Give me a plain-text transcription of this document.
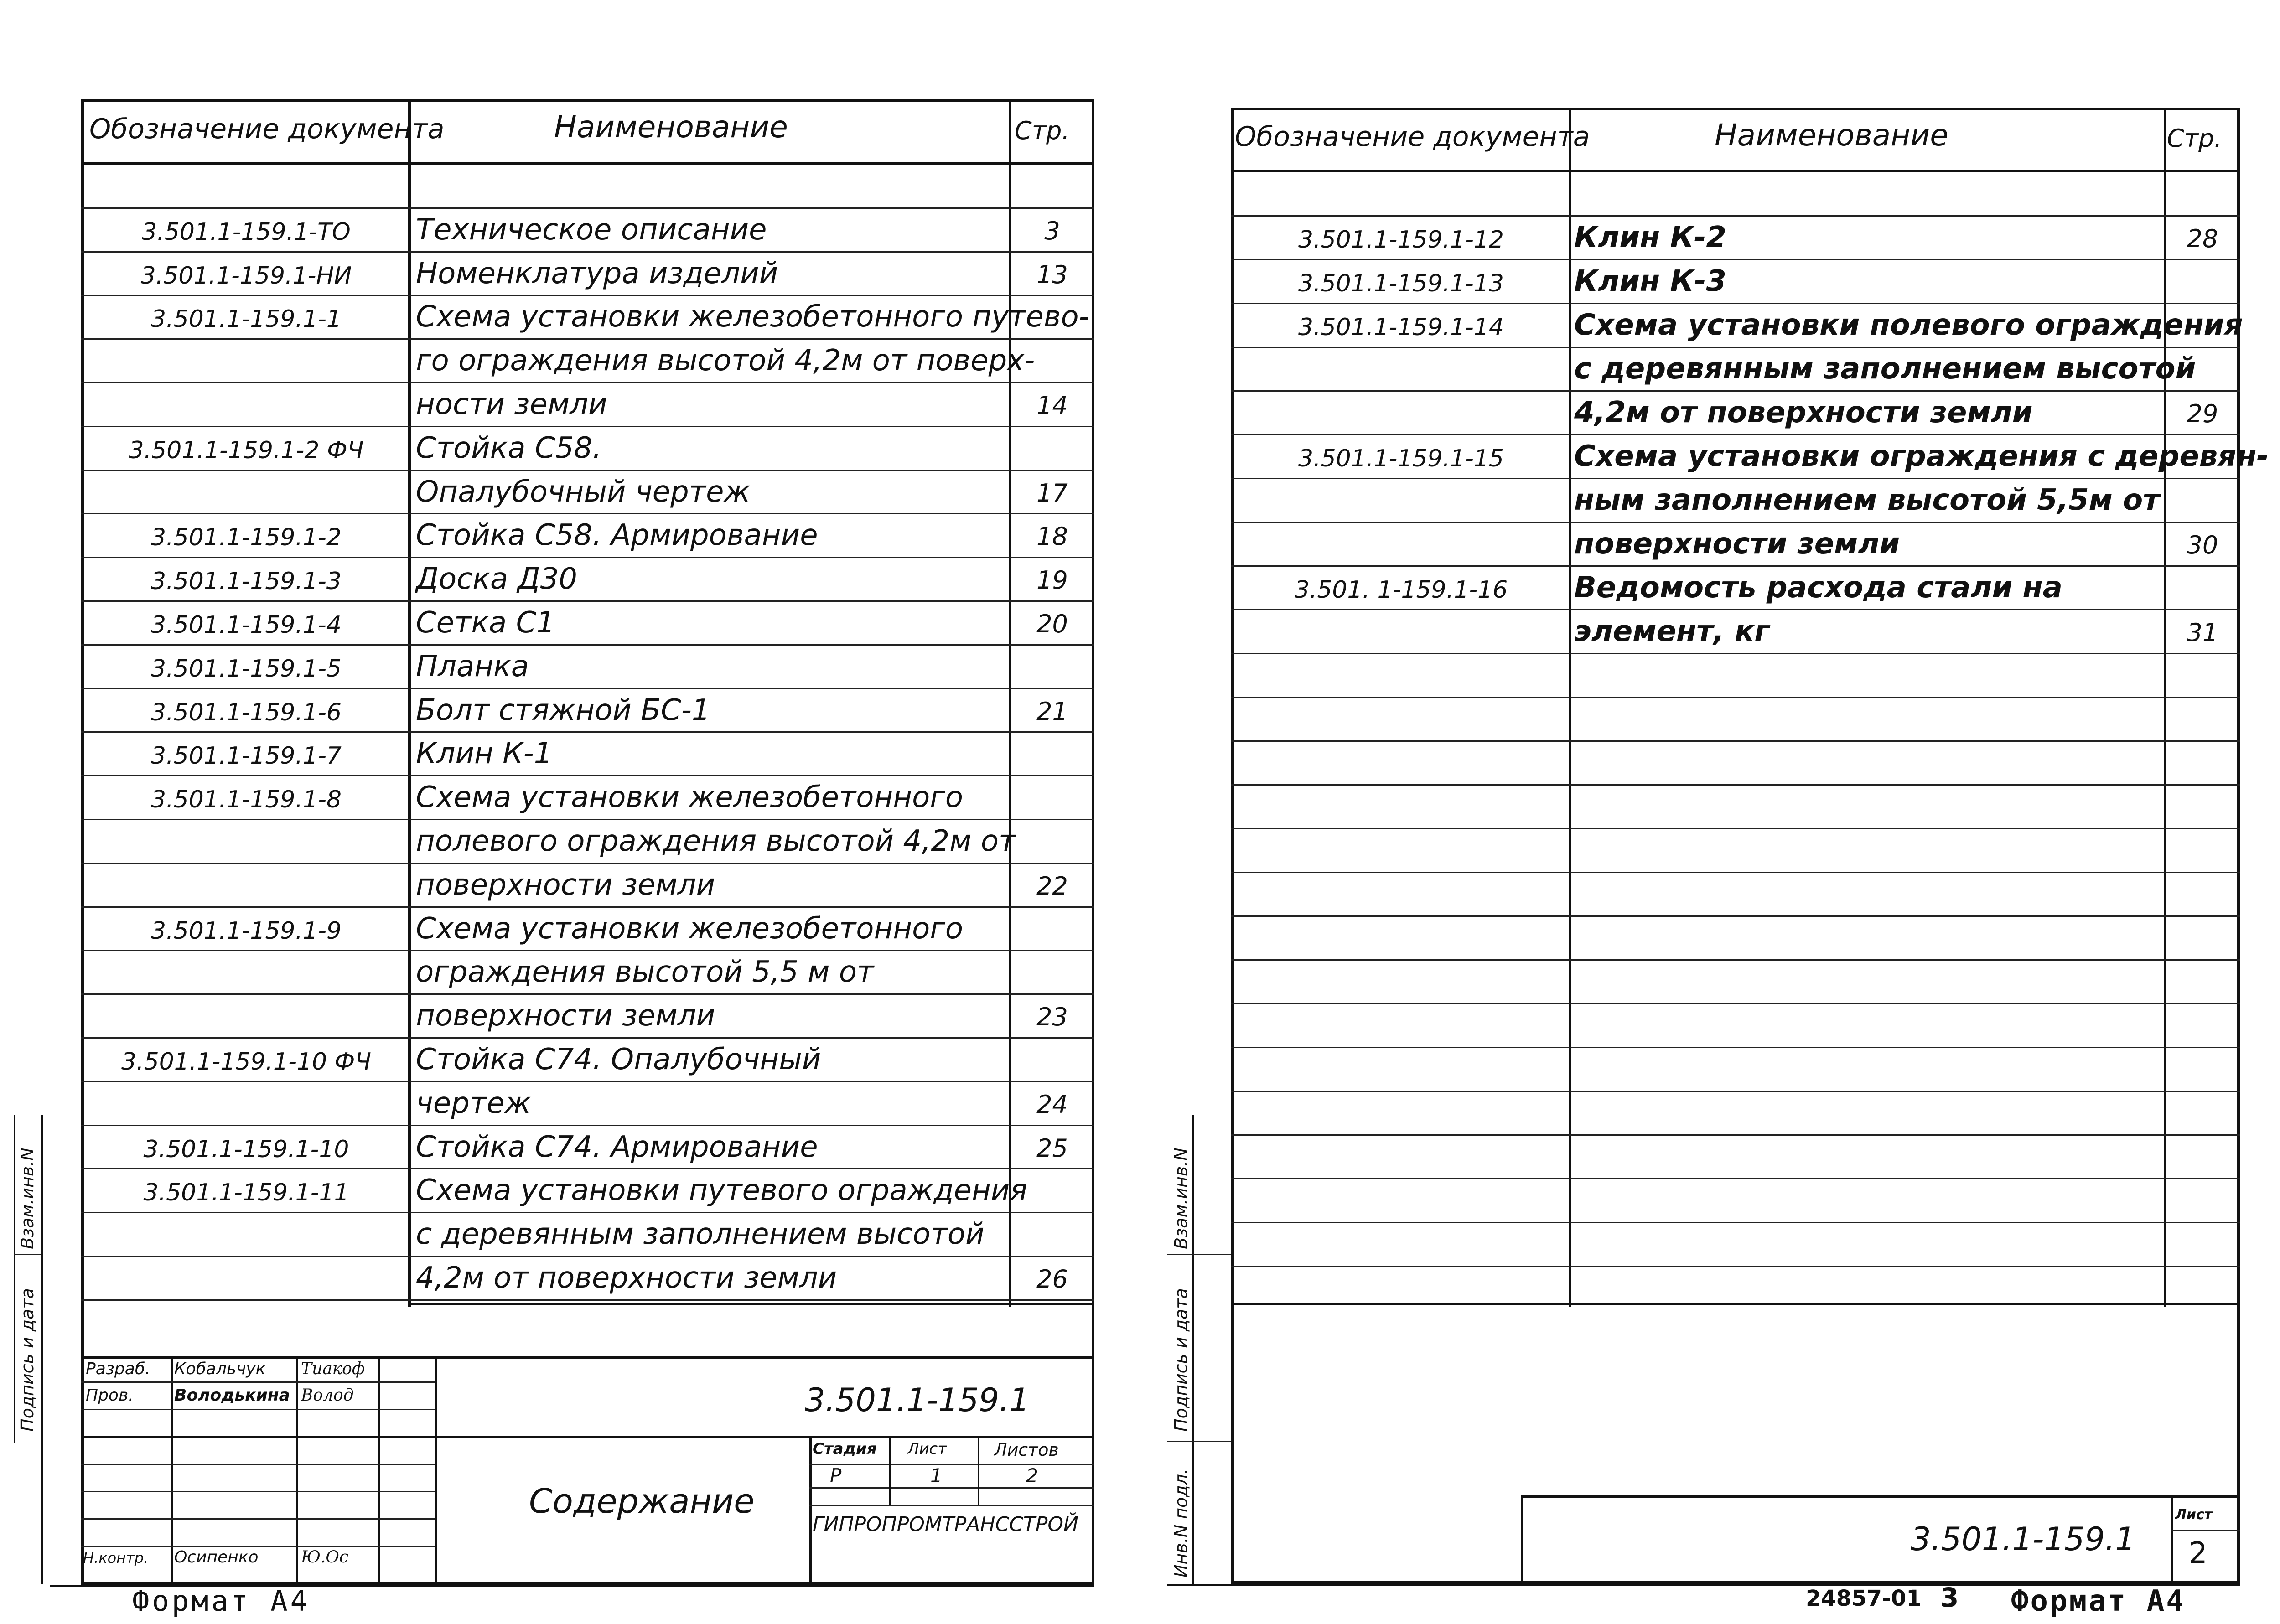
Обозначение документа	Наименование	Стр.
3.501.1-159.1-ТО	Техническое описание	3
3.501.1-159.1-НИ	Номенклатура изделий	13
3.501.1-159.1-1	Схема установки железобетонного путево-
го ограждения высотой 4,2м от поверх-
ности земли	14
3.501.1-159.1-2 ФЧ	Стойка С58.
Опалубочный чертеж	17
3.501.1-159.1-2	Стойка С58. Армирование	18
3.501.1-159.1-3	Доска Д30	19
3.501.1-159.1-4	Сетка С1	20
3.501.1-159.1-5	Планка
3.501.1-159.1-6	Болт стяжной БС-1	21
3.501.1-159.1-7	Клин К-1
3.501.1-159.1-8	Схема установки железобетонного
полевого ограждения высотой 4,2м от
поверхности земли	22
3.501.1-159.1-9	Схема установки железобетонного
ограждения высотой 5,5 м от
поверхности земли	23
3.501.1-159.1-10 ФЧ	Стойка С74. Опалубочный
чертеж	24
3.501.1-159.1-10	Стойка С74. Армирование	25
3.501.1-159.1-11	Схема установки путевого ограждения
с деревянным заполнением высотой
4,2м от поверхности земли	26
Разраб. Кобальчук Тиакоф
Пров. Володькина Волод
Н.контр. Осипенко	Ю.Ос
3.501.1-159.1
Содержание
Стадия Лист	Листов
Р	1	2
ГИПРОПРОМТРАНССТРОЙ
Взам.инв.N
Подпись и дата
Формат А4
Обозначение документа	Наименование	Стр.
3.501.1-159.1-12	Клин К-2	28
3.501.1-159.1-13	Клин К-3
3.501.1-159.1-14	Схема установки полевого ограждения
с деревянным заполнением высотой
4,2м от поверхности земли	29
3.501.1-159.1-15	Схема установки ограждения с деревян-
ным заполнением высотой 5,5м от
поверхности земли	30
3.501. 1-159.1-16	Ведомость расхода стали на
элемент, кг	31
3.501.1-159.1
Лист
2
Взам.инв.N
Подпись и дата
Инв.N подл.
24857-01 3 Формат А4
